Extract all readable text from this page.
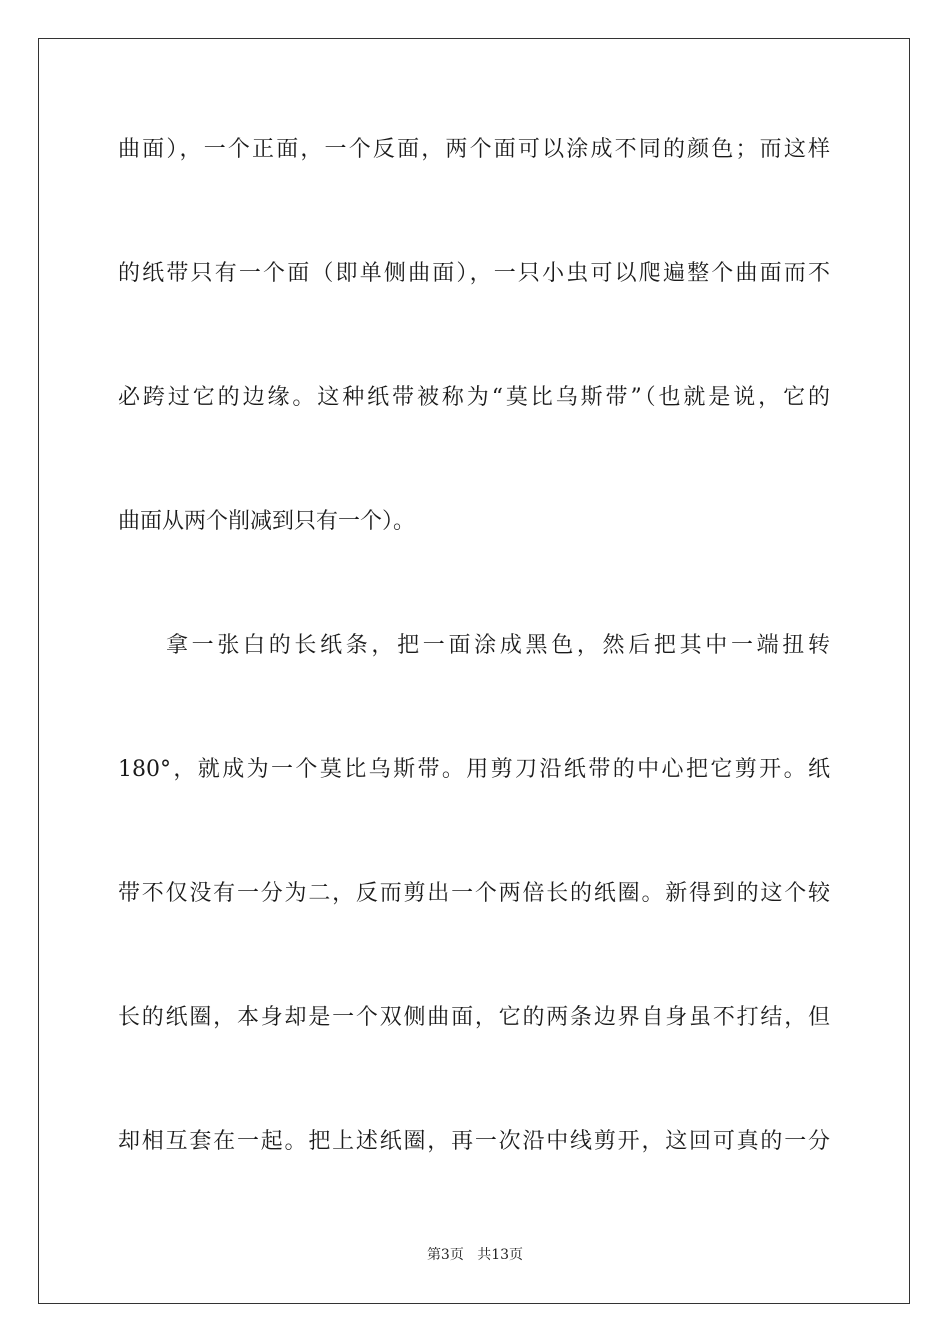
曲面），一个正面，一个反面，两个面可以涂成不同的颜色；而这样
的纸带只有一个面（即单侧曲面），一只小虫可以爬遍整个曲面而不
必跨过它的边缘。这种纸带被称为“莫比乌斯带”（也就是说，它的
曲面从两个削减到只有一个）。
拿一张白的长纸条，把一面涂成黑色，然后把其中一端扭转
180°，就成为一个莫比乌斯带。用剪刀沿纸带的中心把它剪开。纸
带不仅没有一分为二，反而剪出一个两倍长的纸圈。新得到的这个较
长的纸圈，本身却是一个双侧曲面，它的两条边界自身虽不打结，但
却相互套在一起。把上述纸圈，再一次沿中线剪开，这回可真的一分
第3页 共13页
